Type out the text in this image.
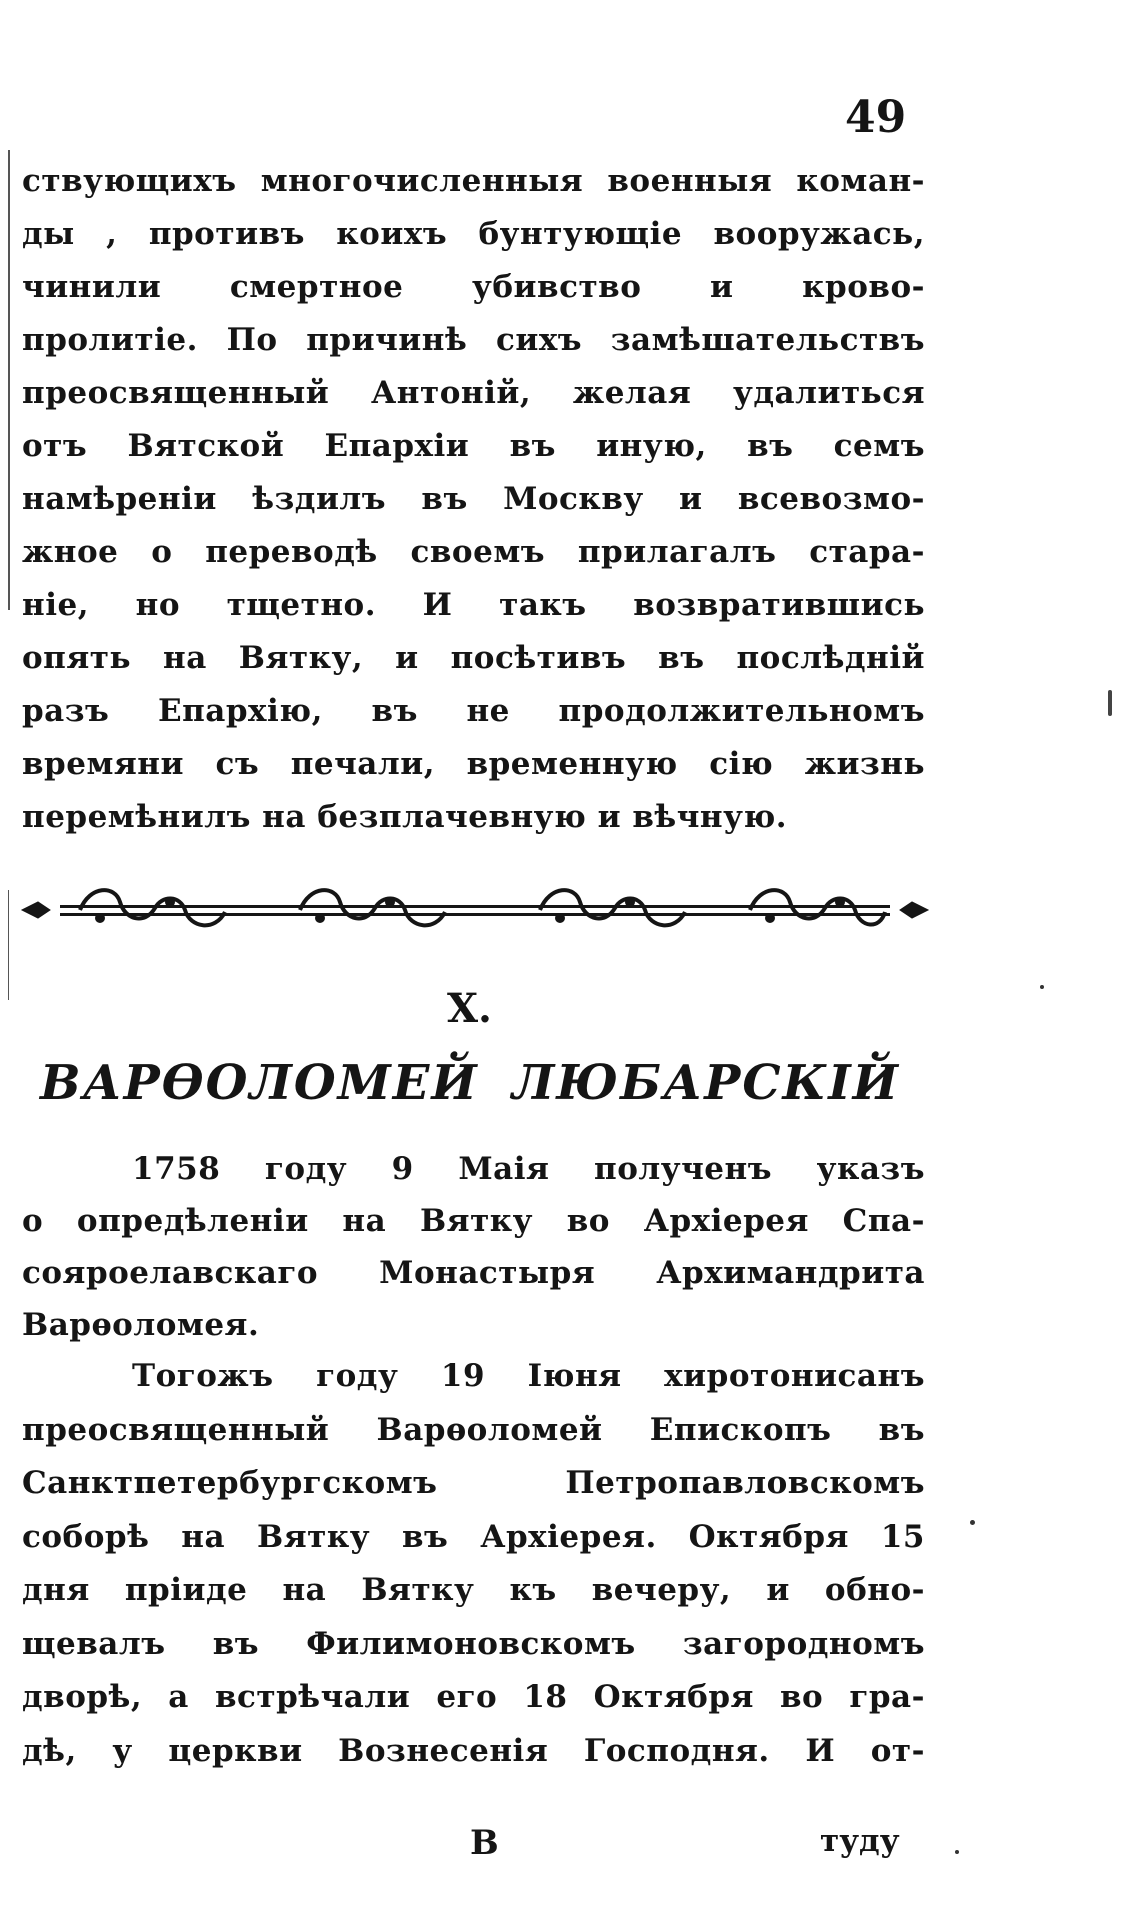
49
ствующихъ многочисленныя военныя коман-
ды , противъ коихъ бунтующіе вооружась, чинили смертное убивство и крово-
пролитіе. По причинѣ сихъ замѣшательствъ
преосвященный Антоній, желая удалиться
отъ Вятской Епархіи въ иную, въ семъ
намѣреніи ѣздилъ въ Москву и всевозмо-
жное о переводѣ своемъ прилагалъ стара-
ніе, но тщетно. И такъ возвратившись
опять на Вятку, и посѣтивъ въ послѣдній
разъ Епархію, въ не продолжительномъ
времяни съ печали, временную сію жизнь
перемѣнилъ на безплачевную и вѣчную.
X.
ВАРѲОЛОМЕЙ ЛЮБАРСКІЙ
1758 году 9 Маія полученъ указъ
о опредѣленіи на Вятку во Архіерея Спа-
сояроелавскаго Монастыря Архимандрита
Варѳоломея.
Тогожъ году 19 Іюня хиротонисанъ
преосвященный Варѳоломей Епископъ въ
Санктпетербургскомъ Петропавловскомъ
соборѣ на Вятку въ Архіерея. Октября 15
дня пріиде на Вятку къ вечеру, и обно-
щевалъ въ Филимоновскомъ загородномъ
дворѣ, а встрѣчали его 18 Октября во гра-
дѣ, у церкви Вознесенія Господня. И от-
В	туду
